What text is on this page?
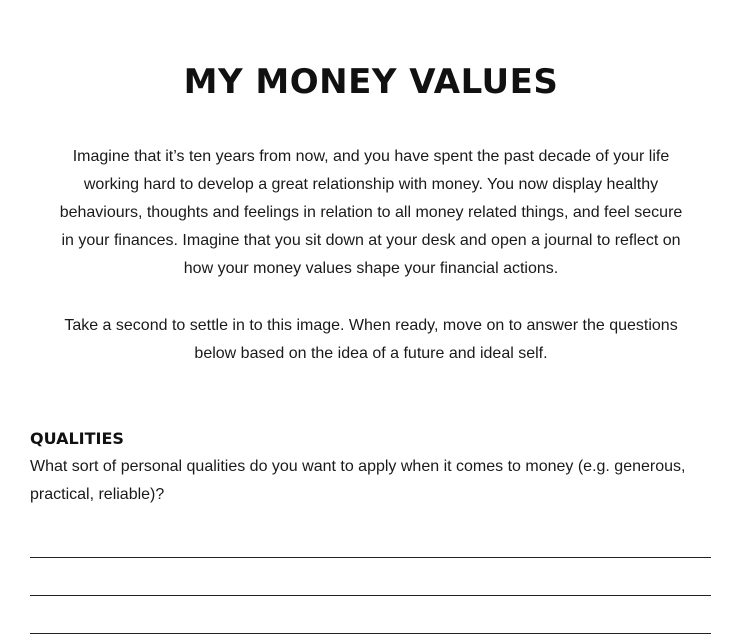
MY MONEY VALUES

Imagine that it’s ten years from now, and you have spent the past decade of your life working hard to develop a great relationship with money. You now display healthy behaviours, thoughts and feelings in relation to all money related things, and feel secure in your finances. Imagine that you sit down at your desk and open a journal to reflect on how your money values shape your financial actions.

Take a second to settle in to this image. When ready, move on to answer the questions below based on the idea of a future and ideal self.

QUALITIES

What sort of personal qualities do you want to apply when it comes to money (e.g. generous, practical, reliable)?
